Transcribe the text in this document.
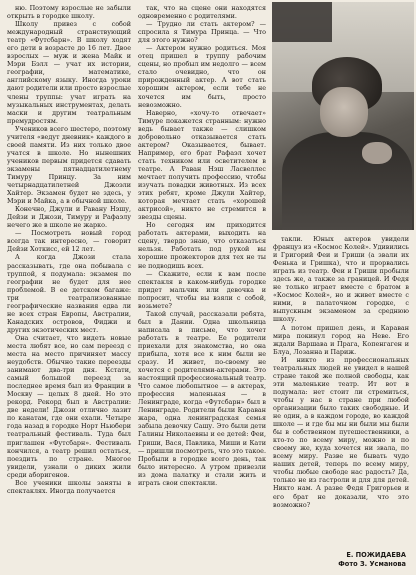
ню. Поэтому взрослые не забыли открыть в городке школу.

Школу привез с собой международный странствующий театр «Футсбарн». В школу ходят его дети в возрасте до 16 лет. Двое взрослых — муж и жена Майк и Мэри Бэлл — учат их истории, географии, математике, английскому языку. Иногда уроки дают родители или просто взрослые члены труппы: учат играть на музыкальных инструментах, делать маски и другим театральным премудростям.

Учеников всего шестеро, поэтому учителя «ведут дневник» каждого в своей памяти. Из них только двое учатся в школе. Но нынешних учеников первым придется сдавать экзамены пятнадцатилетнему Тимуру Принцу. За ним четырнадцатилетней Джоэли Хайтер. Экзамен будет не здесь, у Мэри и Майка, а в обычной школе.

Конечно, Джули и Равану Нэшу, Дейзи и Джози, Тимуру и Рафаэлу нечего же в школе не жарко.

— Посмотреть новый город всегда так интересно, — говорит Дейзи Хоткисс, ей 12 лет.

А когда Джози стала рассказывать, где она побывала с труппой, я подумала: экзамен по географии не будет для нее проблемой. В ее детском багаже: три театрализованные географические названия едва ли не всех стран Европы, Австралии, Канадских островов, Фиджи и других экзотических мест.

Она считает, что видеть новые места любят все, но сам переезд с места на место причиняет массу неудобств. Обычно такие переезды занимают два-три дня. Кстати, самый большой переезд за последнее время был из Франции в Москву — целых 8 дней. Но это рекорд. Рекорд был в Австралии: две недели! Джози отлично лазит по канатам, где они ехали. Четыре года назад в городке Норт Ньюбери театральный фестиваль. Туда был приглашен «Футсбарн». Фестиваль кончился, а театр решил остаться, поездить по стране. Многое увидели, узнали о диких жили среди аборигенов.

Все ученики школы заняты в спектаклях. Иногда получается

так, что на сцене они находятся одновременно с родителями.

— Трудно ли стать актером? — спросила я Тимура Принца. — Что для этого нужно?

— Актером нужно родиться. Моя отец пришел в труппу рабочим сцены, но пробыл им недолго — всем стало очевидно, что он прирожденный актер. А вот стать хорошим актером, если тебе не хочется им быть, просто невозможно.

Наверно, «хочу-то отвечает» Тимуре покажется странным: нужно ведь бывает также — слишком добровольно отказывается стать актером? Оказывается, бывает. Например, его брат Рафаэл хочет стать техником или осветителем в театре. А Раван Нэш Ласвеллес мечтает получить профессию, чтобы изучать повадки животных. Из всех этих ребят, кроме Джули Хайтер, которая мечтает стать «хорошей актрисой», никто не стремится в звезды сцены.

Но сегодня им приходится работать актерами, выходить на сцену, твердо знаю, что отказаться нельзя. Работать под рукой вы хорошие прожекторов для тех не ты не подводишь всех.

— Скажите, если к вам после спектакля в каком-нибудь городке придет мальчик или девочка и попросит, чтобы вы взяли с собой, возьмете?

Такой случай, рассказали ребята, был в Дании. Одна школьница написала в письме, что хочет работать в театре. Ее родители приехали для знакомства, но она прибыла, хотя все к ним были не сразу. И живет, по-своему не хочется с родителями-актерами. Это настоящий профессиональный театр. Что самое любопытное — в актерах, профессия маленькая — в Ленинграде, когда «Футсбарн» был в Ленинграде. Родители были Караван жара, одна ленинградская семья забыла девочку Сашу. Это были дети Галины Николаевны и ее детей: Феи, Гриши, Вася, Павлика, Миши и Кати — пришли посмотреть, что это такое. Пробыли в городке всего день, так было интересно. А утром привезли из дома палатку и стали жить и играть свои спектакли.

такли. Юных актеров увидели француз из «Космос Колей». Удивились и Григорий Феи и Гриши (а звали их Фенька и Гришка), что и прорвались играть из театр. Феи и Гриши пробыли здесь же, а также за границей. И Федя не только играет вместе с братом в «Космос Колей», но и живет вместе с ними, в палаточном городке, с выпускным экзаменом за среднюю школу.

А потом пришел день, и Караван мира покинул город на Неве. Его ждали Варшава и Прага, Копенгаген и Блуа, Лозанна и Париж.

И никто из профессиональных театральных людей не увидел в нашей стране такой же полной свободы, как эти маленькие театр. Ит вот в подумала: нет стоит ли стремиться, чтобы у нас в стране при любой организации было таких свободные. И не один, а в каждом городе, во каждой школе — и где бы мы ни были мы были бы в собственном путешественники, а кто-то по всему миру, можно и по своему же, куда хочется ни звала, по всему миру. Разве не бывать чудо наших детей, теперь по всему миру, чтобы любые свободе нас радость? Да, только не из гастроли и для для детей. Никто нам. А разве Федя Григорьев и его брат не доказали, что это возможно?

Е. ПОЖИДАЕВА
Фото З. Усманова
